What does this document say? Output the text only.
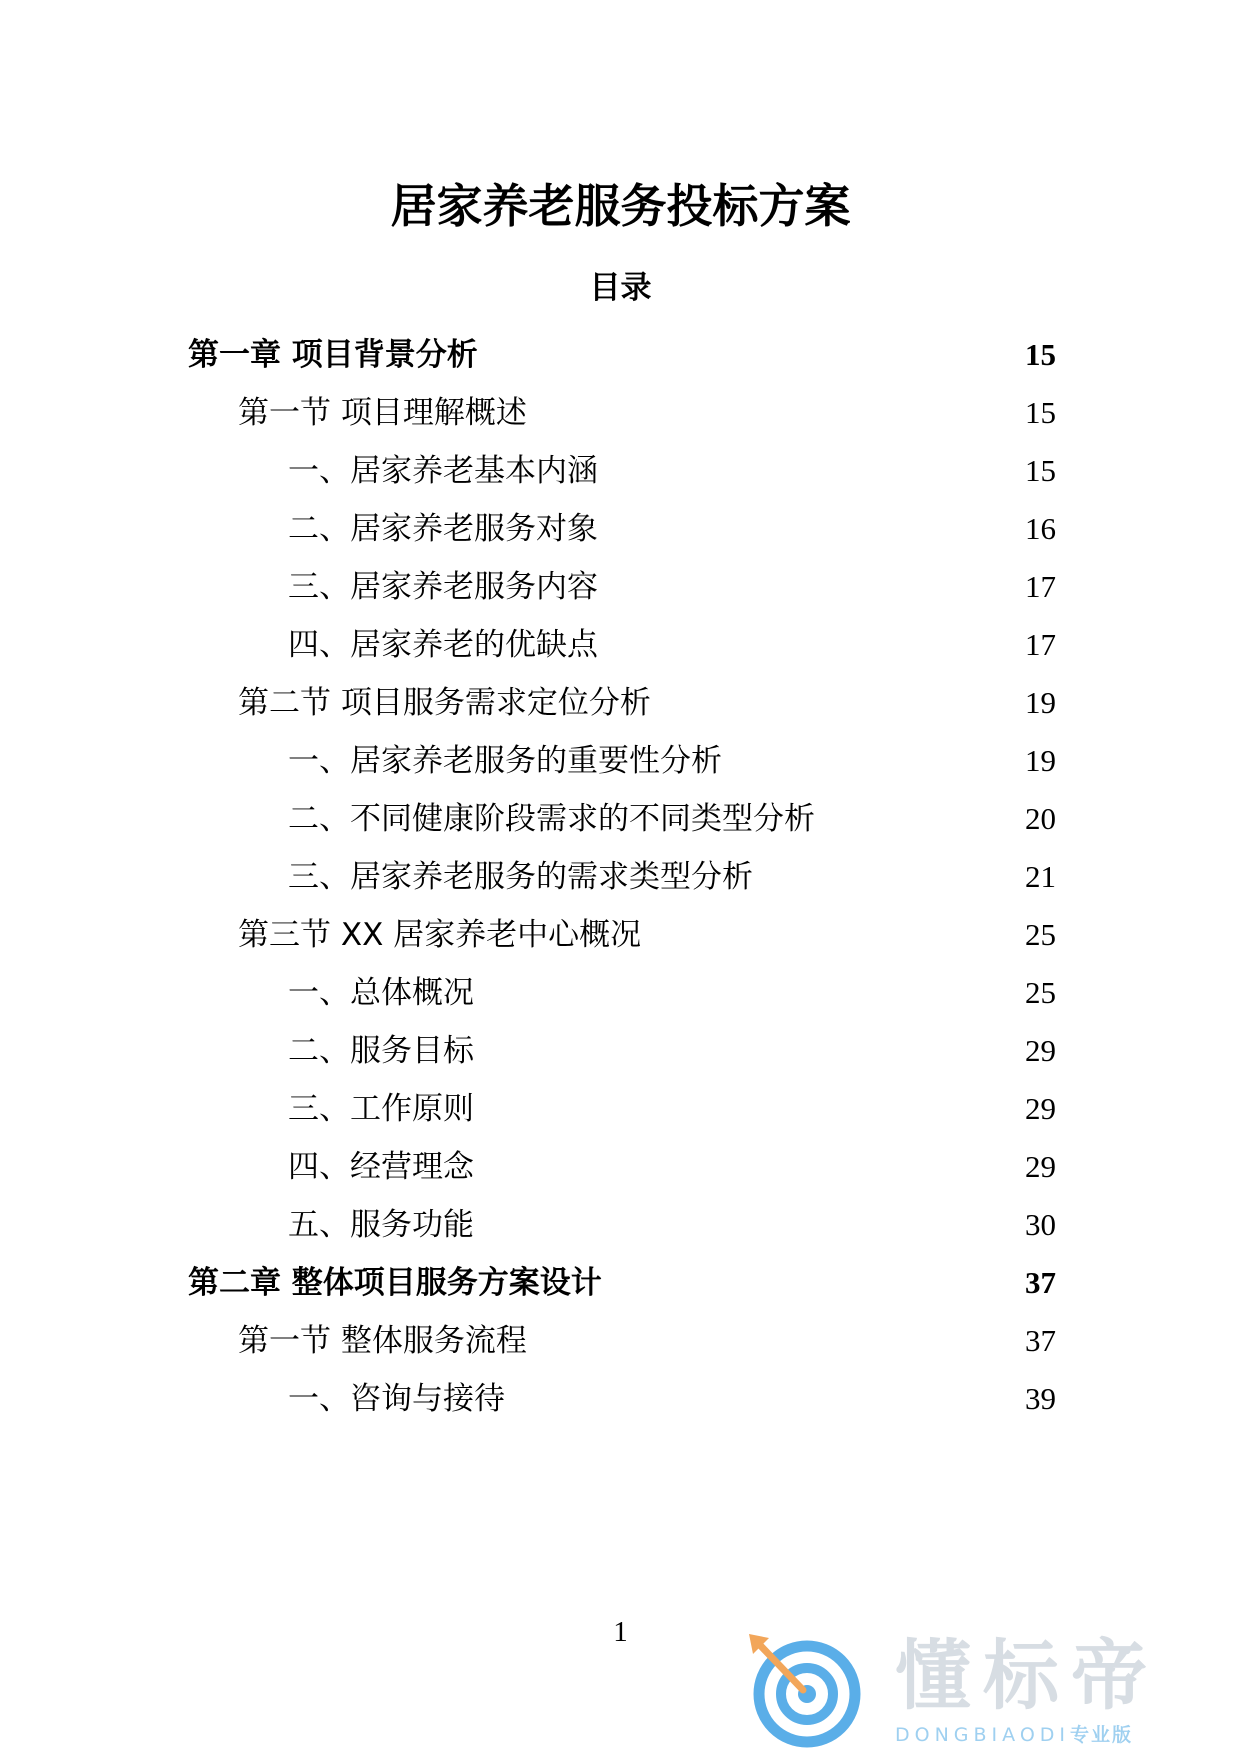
居家养老服务投标方案
目录
第一章 项目背景分析	15
第一节 项目理解概述	15
一、居家养老基本内涵	15
二、居家养老服务对象	16
三、居家养老服务内容	17
四、居家养老的优缺点	17
第二节 项目服务需求定位分析	19
一、居家养老服务的重要性分析	19
二、不同健康阶段需求的不同类型分析	20
三、居家养老服务的需求类型分析	21
第三节 XX 居家养老中心概况	25
一、总体概况	25
二、服务目标	29
三、工作原则	29
四、经营理念	29
五、服务功能	30
第二章 整体项目服务方案设计	37
第一节 整体服务流程	37
一、咨询与接待	39
1	懂标帝
DONGBIAODI专业版
